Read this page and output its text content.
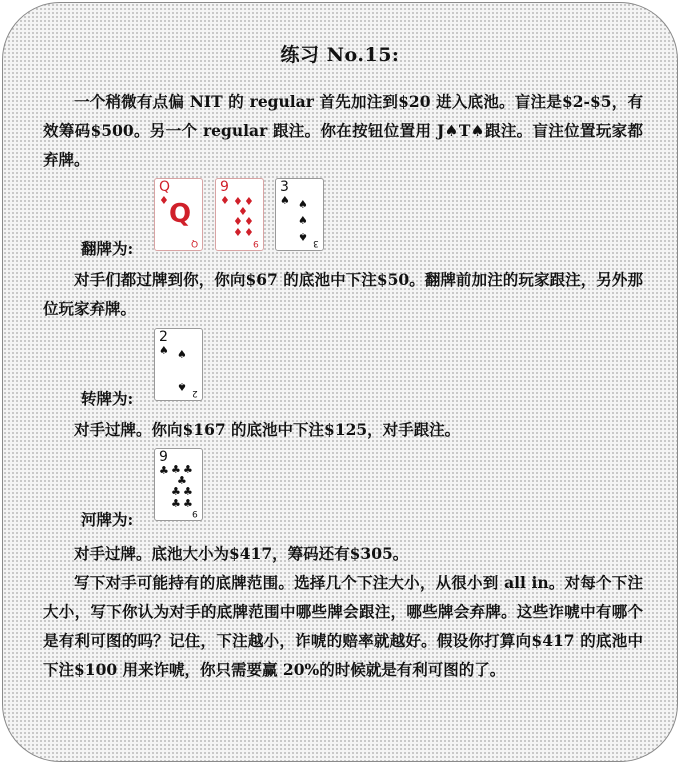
练习 No.15:

一个稍微有点偏 NIT 的 regular 首先加注到$20 进入底池。盲注是$2-$5，有效筹码$500。另一个 regular 跟注。你在按钮位置用 J♠T♠跟注。盲注位置玩家都弃牌。

Q
♦ Q
Q
9
♦ ♦ ♦
♦
♦ ♦
♦ ♦
9
3
♠ ♠
♠
♠ 3
翻牌为:

对手们都过牌到你，你向$67 的底池中下注$50。翻牌前加注的玩家跟注，另外那位玩家弃牌。

2
♠ ♠
♠ 2
转牌为:

对手过牌。你向$167 的底池中下注$125，对手跟注。

9
♣ ♣ ♣
♣
♣ ♣
♣ ♣
9
河牌为:

对手过牌。底池大小为$417，筹码还有$305。

写下对手可能持有的底牌范围。选择几个下注大小，从很小到 all in。对每个下注大小，写下你认为对手的底牌范围中哪些牌会跟注，哪些牌会弃牌。这些诈唬中有哪个是有利可图的吗？记住，下注越小，诈唬的赔率就越好。假设你打算向$417 的底池中下注$100 用来诈唬，你只需要赢 20%的时候就是有利可图的了。
